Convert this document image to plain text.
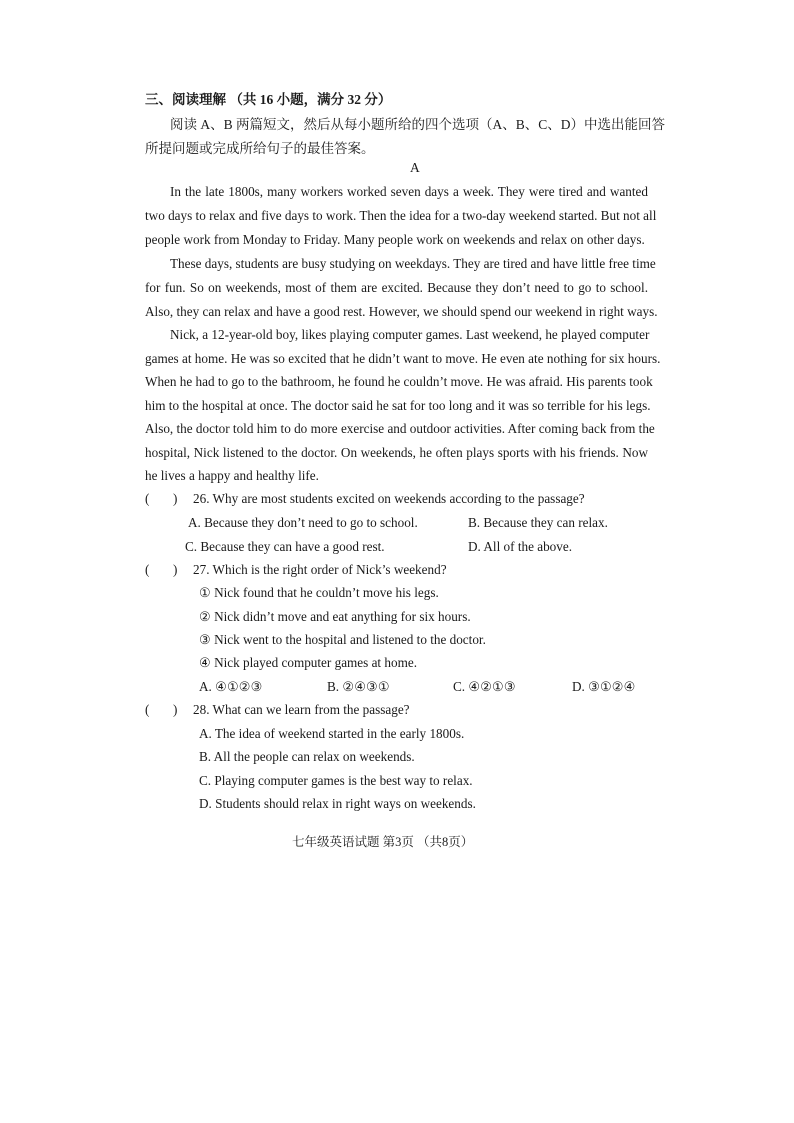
三、阅读理解 （共 16 小题，满分 32 分）
阅读 A、B 两篇短文，然后从每小题所给的四个选项（A、B、C、D）中选出能回答
所提问题或完成所给句子的最佳答案。
A
In the late 1800s, many workers worked seven days a week. They were tired and wanted
two days to relax and five days to work. Then the idea for a two-day weekend started. But not all
people work from Monday to Friday. Many people work on weekends and relax on other days.
These days, students are busy studying on weekdays. They are tired and have little free time
for fun. So on weekends, most of them are excited. Because they don’t need to go to school.
Also, they can relax and have a good rest. However, we should spend our weekend in right ways.
Nick, a 12-year-old boy, likes playing computer games. Last weekend, he played computer
games at home. He was so excited that he didn’t want to move. He even ate nothing for six hours.
When he had to go to the bathroom, he found he couldn’t move. He was afraid. His parents took
him to the hospital at once. The doctor said he sat for too long and it was so terrible for his legs.
Also, the doctor told him to do more exercise and outdoor activities. After coming back from the
hospital, Nick listened to the doctor. On weekends, he often plays sports with his friends. Now
he lives a happy and healthy life.
( ) 26. Why are most students excited on weekends according to the passage?
A. Because they don’t need to go to school.	B. Because they can relax.
C. Because they can have a good rest.	D. All of the above.
( ) 27. Which is the right order of Nick’s weekend?
① Nick found that he couldn’t move his legs.
② Nick didn’t move and eat anything for six hours.
③ Nick went to the hospital and listened to the doctor.
④ Nick played computer games at home.
A. ④①②③	B. ②④③①	C. ④②①③	D. ③①②④
( ) 28. What can we learn from the passage?
A. The idea of weekend started in the early 1800s.
B. All the people can relax on weekends.
C. Playing computer games is the best way to relax.
D. Students should relax in right ways on weekends.
七年级英语试题 第3页 （共8页）
